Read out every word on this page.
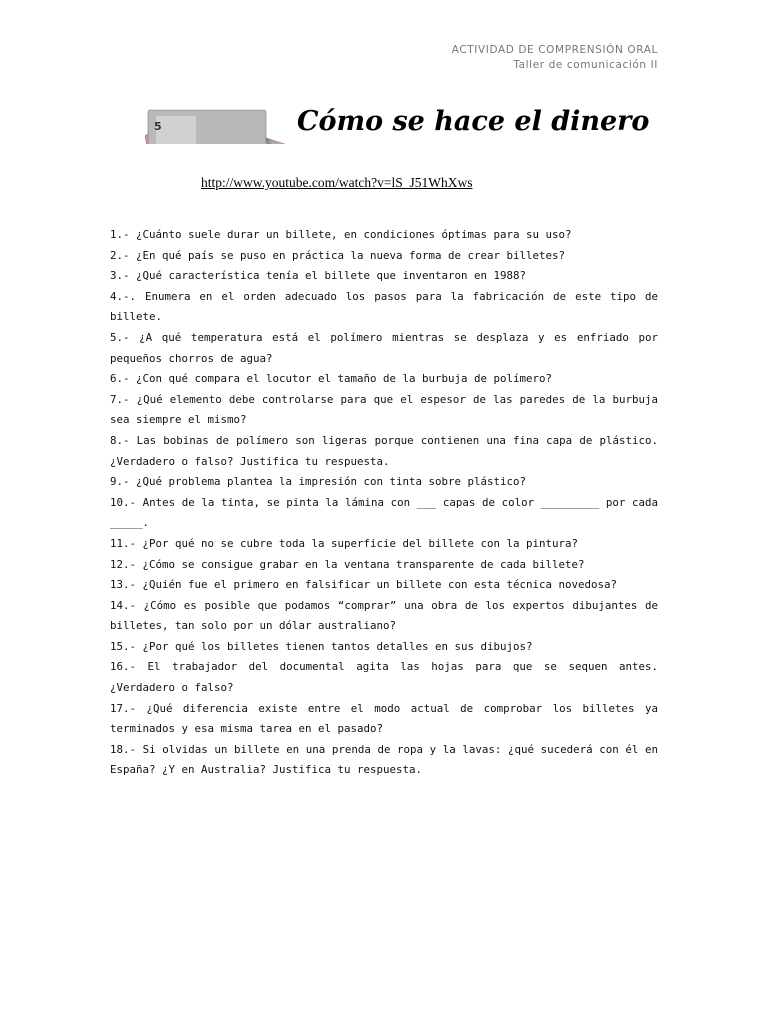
5
ACTIVIDAD DE COMPRENSIÓN ORAL
Taller de comunicación II
Cómo se hace el dinero
http://www.youtube.com/watch?v=lS_J51WhXws
1.- ¿Cuánto suele durar un billete, en condiciones óptimas para su uso?
2.- ¿En qué país se puso en práctica la nueva forma de crear billetes?
3.- ¿Qué característica tenía el billete que inventaron en 1988?
4.-. Enumera en el orden adecuado los pasos para la fabricación de este tipo de billete.
5.- ¿A qué temperatura está el polímero mientras se desplaza y es enfriado por pequeños chorros de agua?
6.- ¿Con qué compara el locutor el tamaño de la burbuja de polímero?
7.- ¿Qué elemento debe controlarse para que el espesor de las paredes de la burbuja sea siempre el mismo?
8.- Las bobinas de polímero son ligeras porque contienen una fina capa de plástico. ¿Verdadero o falso? Justifica tu respuesta.
9.- ¿Qué problema plantea la impresión con tinta sobre plástico?
10.- Antes de la tinta, se pinta la lámina con ___ capas de color _________ por cada _____.
11.- ¿Por qué no se cubre toda la superficie del billete con la pintura?
12.- ¿Cómo se consigue grabar en la ventana transparente de cada billete?
13.- ¿Quién fue el primero en falsificar un billete con esta técnica novedosa?
14.- ¿Cómo es posible que podamos “comprar” una obra de los expertos dibujantes de billetes, tan solo por un dólar australiano?
15.- ¿Por qué los billetes tienen tantos detalles en sus dibujos?
16.- El trabajador del documental agita las hojas para que se sequen antes. ¿Verdadero o falso?
17.- ¿Qué diferencia existe entre el modo actual de comprobar los billetes ya terminados y esa misma tarea en el pasado?
18.- Si olvidas un billete en una prenda de ropa y la lavas: ¿qué sucederá con él en España? ¿Y en Australia? Justifica tu respuesta.
